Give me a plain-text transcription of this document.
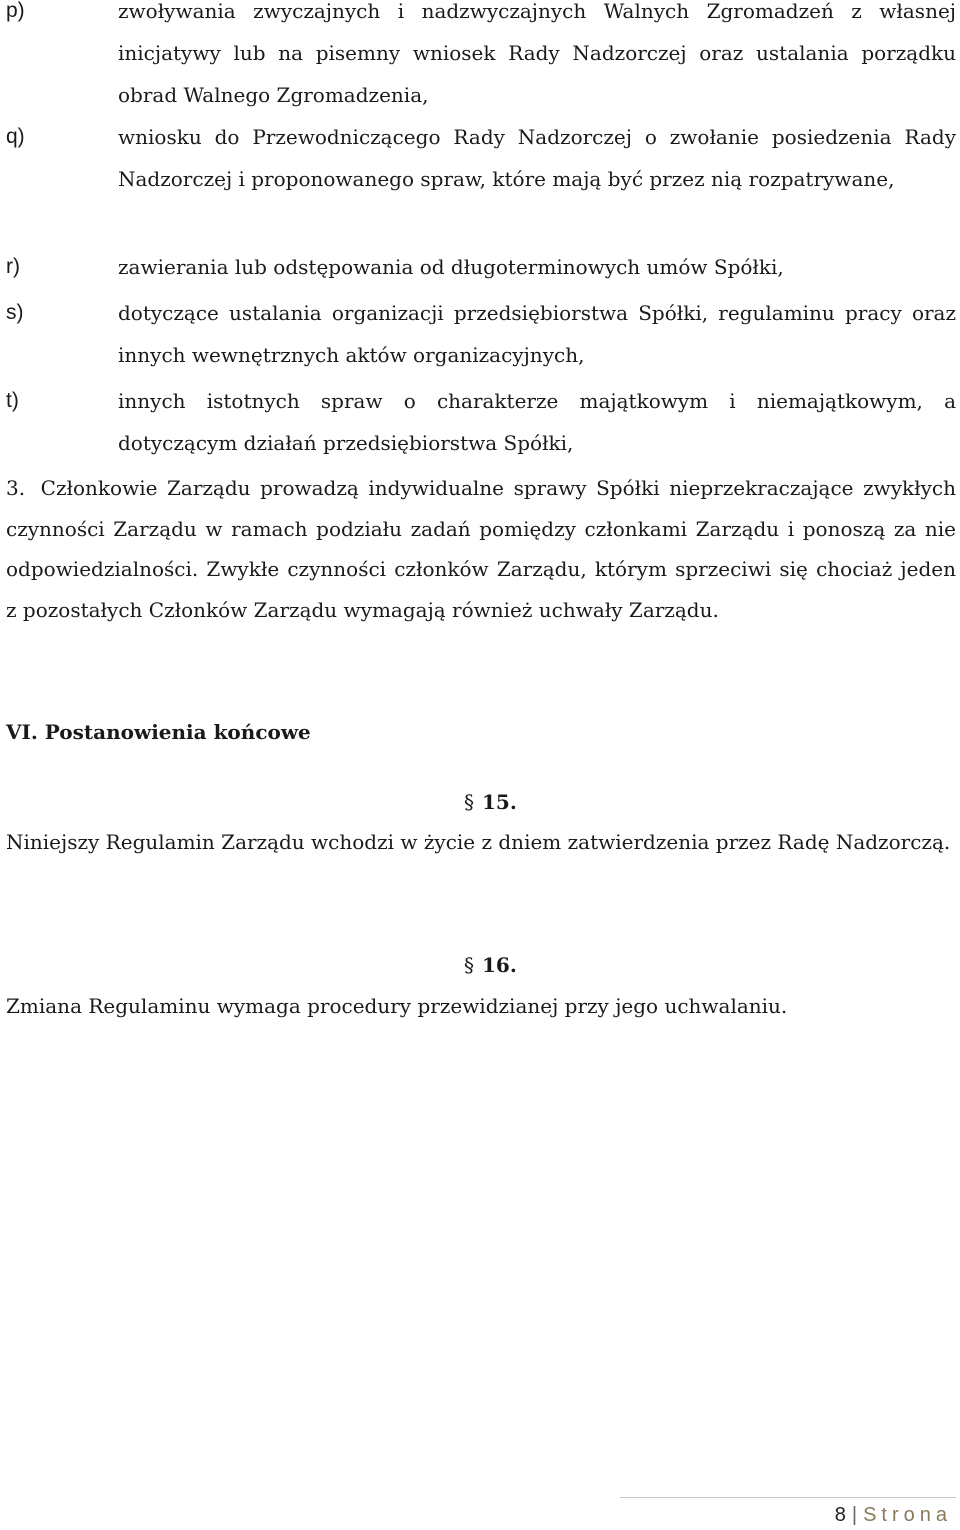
p)	zwoływania zwyczajnych i nadzwyczajnych Walnych Zgromadzeń z własnej inicjatywy lub na pisemny wniosek Rady Nadzorczej oraz ustalania porządku obrad Walnego Zgromadzenia,
q)	wniosku do Przewodniczącego Rady Nadzorczej o zwołanie posiedzenia Rady Nadzorczej i proponowanego spraw, które mają być przez nią rozpatrywane,
r)	zawierania lub odstępowania od długoterminowych umów Spółki,
s)	dotyczące ustalania organizacji przedsiębiorstwa Spółki, regulaminu pracy oraz innych wewnętrznych aktów organizacyjnych,
t)	innych istotnych spraw o charakterze majątkowym i niemajątkowym, a dotyczącym działań przedsiębiorstwa Spółki,
3. Członkowie Zarządu prowadzą indywidualne sprawy Spółki nieprzekraczające zwykłych czynności Zarządu w ramach podziału zadań pomiędzy członkami Zarządu i ponoszą za nie odpowiedzialności. Zwykłe czynności członków Zarządu, którym sprzeciwi się chociaż jeden z pozostałych Członków Zarządu wymagają również uchwały Zarządu.
VI. Postanowienia końcowe
§ 15.
Niniejszy Regulamin Zarządu wchodzi w życie z dniem zatwierdzenia przez Radę Nadzorczą.
§ 16.
Zmiana Regulaminu wymaga procedury przewidzianej przy jego uchwalaniu.
8 | Strona
